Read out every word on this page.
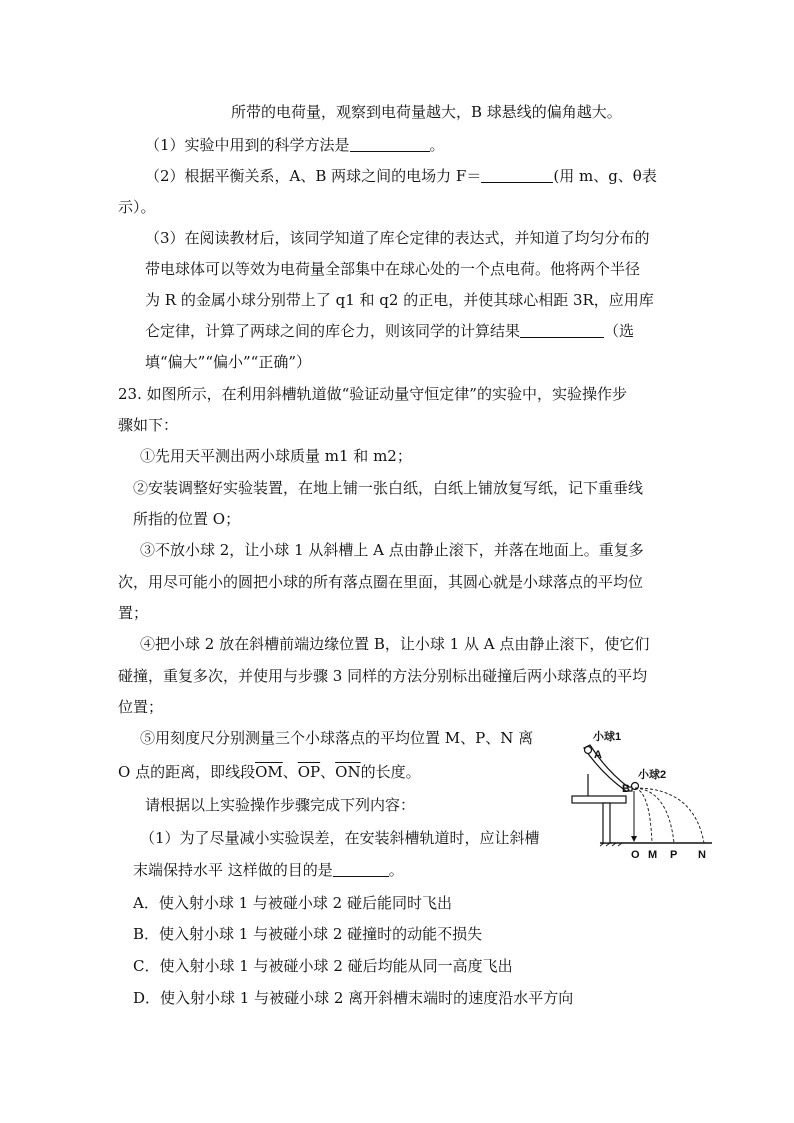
所带的电荷量，观察到电荷量越大，B 球悬线的偏角越大。
（1）实验中用到的科学方法是	。
（2）根据平衡关系，A、B 两球之间的电场力 F＝	(用 m、g、θ表
示）。
（3）在阅读教材后，该同学知道了库仑定律的表达式，并知道了均匀分布的
带电球体可以等效为电荷量全部集中在球心处的一个点电荷。他将两个半径
为 R 的金属小球分别带上了 q1 和 q2 的正电，并使其球心相距 3R，应用库
仑定律，计算了两球之间的库仑力，则该同学的计算结果	（选
填“偏大”“偏小”“正确”）
23. 如图所示，在利用斜槽轨道做“验证动量守恒定律”的实验中，实验操作步
骤如下：
①先用天平测出两小球质量 m1 和 m2；
②安装调整好实验装置，在地上铺一张白纸，白纸上铺放复写纸，记下重垂线
所指的位置 O；
③不放小球 2，让小球 1 从斜槽上 A 点由静止滚下，并落在地面上。重复多
次，用尽可能小的圆把小球的所有落点圈在里面，其圆心就是小球落点的平均位
置；
④把小球 2 放在斜槽前端边缘位置 B，让小球 1 从 A 点由静止滚下，使它们
碰撞，重复多次，并使用与步骤 3 同样的方法分别标出碰撞后两小球落点的平均
位置；
⑤用刻度尺分别测量三个小球落点的平均位置 M、P、N 离
O 点的距离，即线段$\overline{OM}$、$\overline{OP}$、$\overline{ON}$的长度。
请根据以上实验操作步骤完成下列内容：
（1）为了尽量减小实验误差，在安装斜槽轨道时，应让斜槽
末端保持水平 这样做的目的是	。
A．使入射小球 1 与被碰小球 2 碰后能同时飞出
B．使入射小球 1 与被碰小球 2 碰撞时的动能不损失
C．使入射小球 1 与被碰小球 2 碰后均能从同一高度飞出
D．使入射小球 1 与被碰小球 2 离开斜槽末端时的速度沿水平方向
小球1
A
小球2
B
O M P N
